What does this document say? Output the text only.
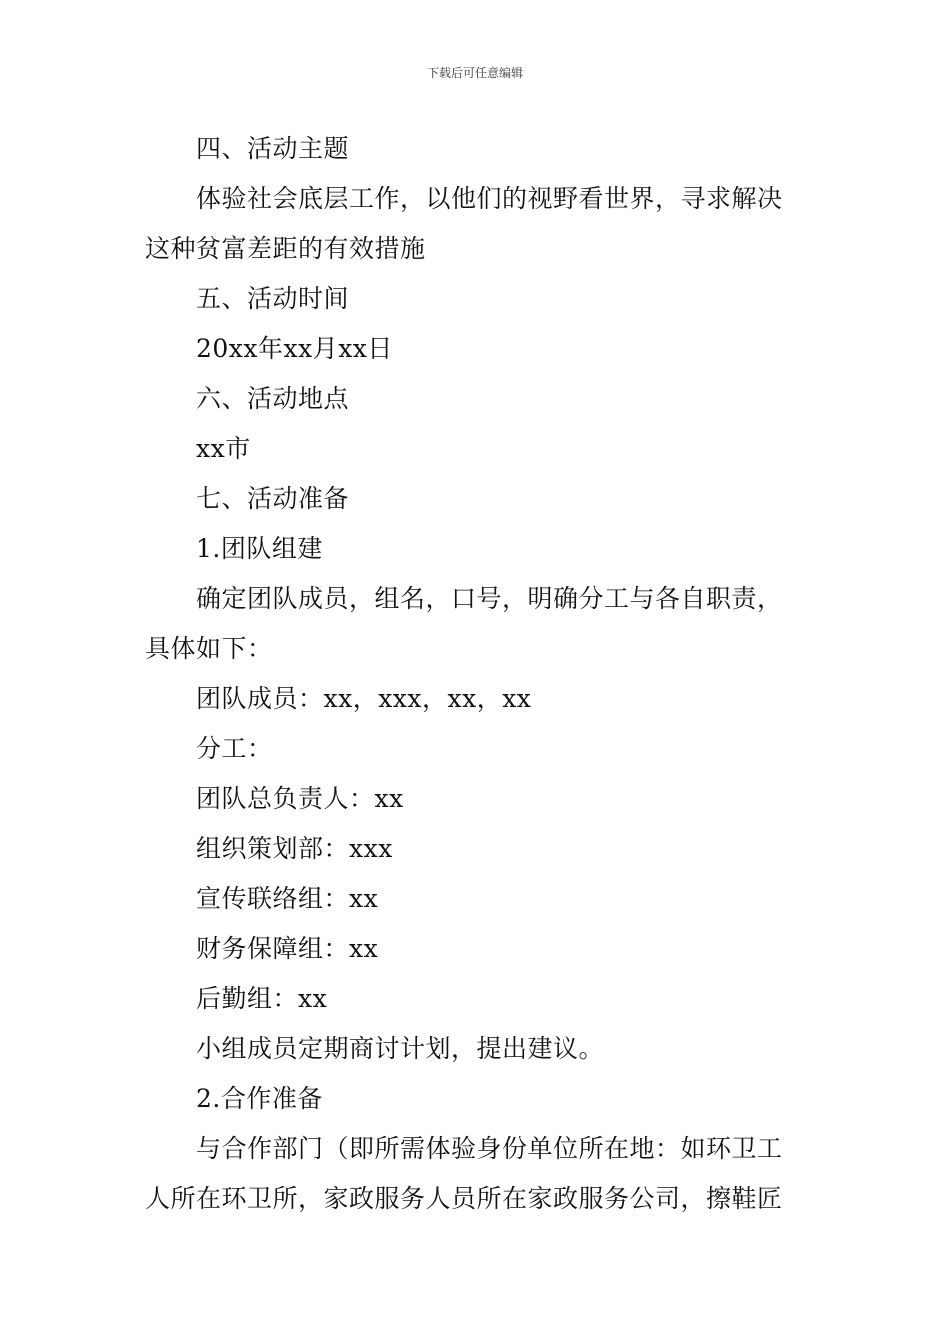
下载后可任意编辑
四、活动主题
体验社会底层工作，以他们的视野看世界，寻求解决
这种贫富差距的有效措施
五、活动时间
20xx年xx月xx日
六、活动地点
xx市
七、活动准备
1.团队组建
确定团队成员，组名，口号，明确分工与各自职责，
具体如下：
团队成员：xx，xxx，xx，xx
分工：
团队总负责人：xx
组织策划部：xxx
宣传联络组：xx
财务保障组：xx
后勤组：xx
小组成员定期商讨计划，提出建议。
2.合作准备
与合作部门（即所需体验身份单位所在地：如环卫工
人所在环卫所，家政服务人员所在家政服务公司，擦鞋匠
